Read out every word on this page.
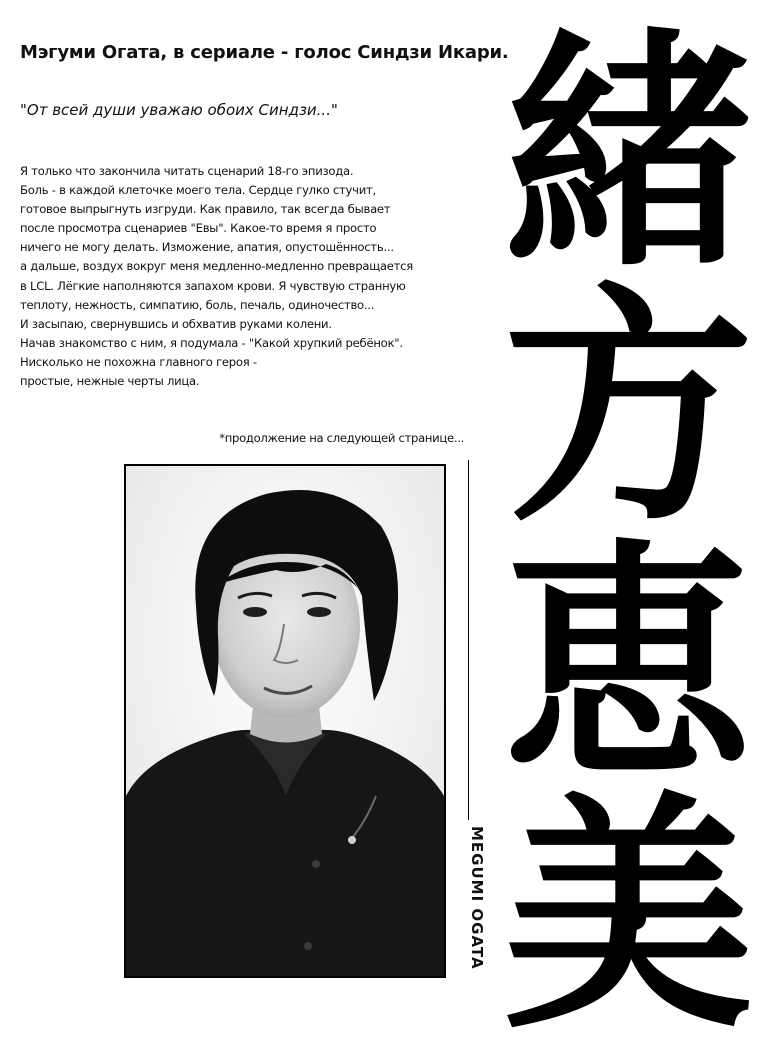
Мэгуми Огата, в сериале - голос Синдзи Икари.
"От всей души уважаю обоих Синдзи..."
Я только что закончила читать сценарий 18-го эпизода.
Боль - в каждой клеточке моего тела. Сердце гулко стучит,
готовое выпрыгнуть изгруди. Как правило, так всегда бывает
после просмотра сценариев "Евы". Какое-то время я просто
ничего не могу делать. Изможение, апатия, опустошённость...
а дальше, воздух вокруг меня медленно-медленно превращается
в LCL. Лёгкие наполняются запахом крови. Я чувствую странную
теплоту, нежность, симпатию, боль, печаль, одиночество...
И засыпаю, свернувшись и обхватив руками колени.
Начав знакомство с ним, я подумала - "Какой хрупкий ребёнок".
Нисколько не похожна главного героя -
простые, нежные черты лица.
*продолжение на следующей странице...
緒
方
恵
美
MEGUMI OGATA
